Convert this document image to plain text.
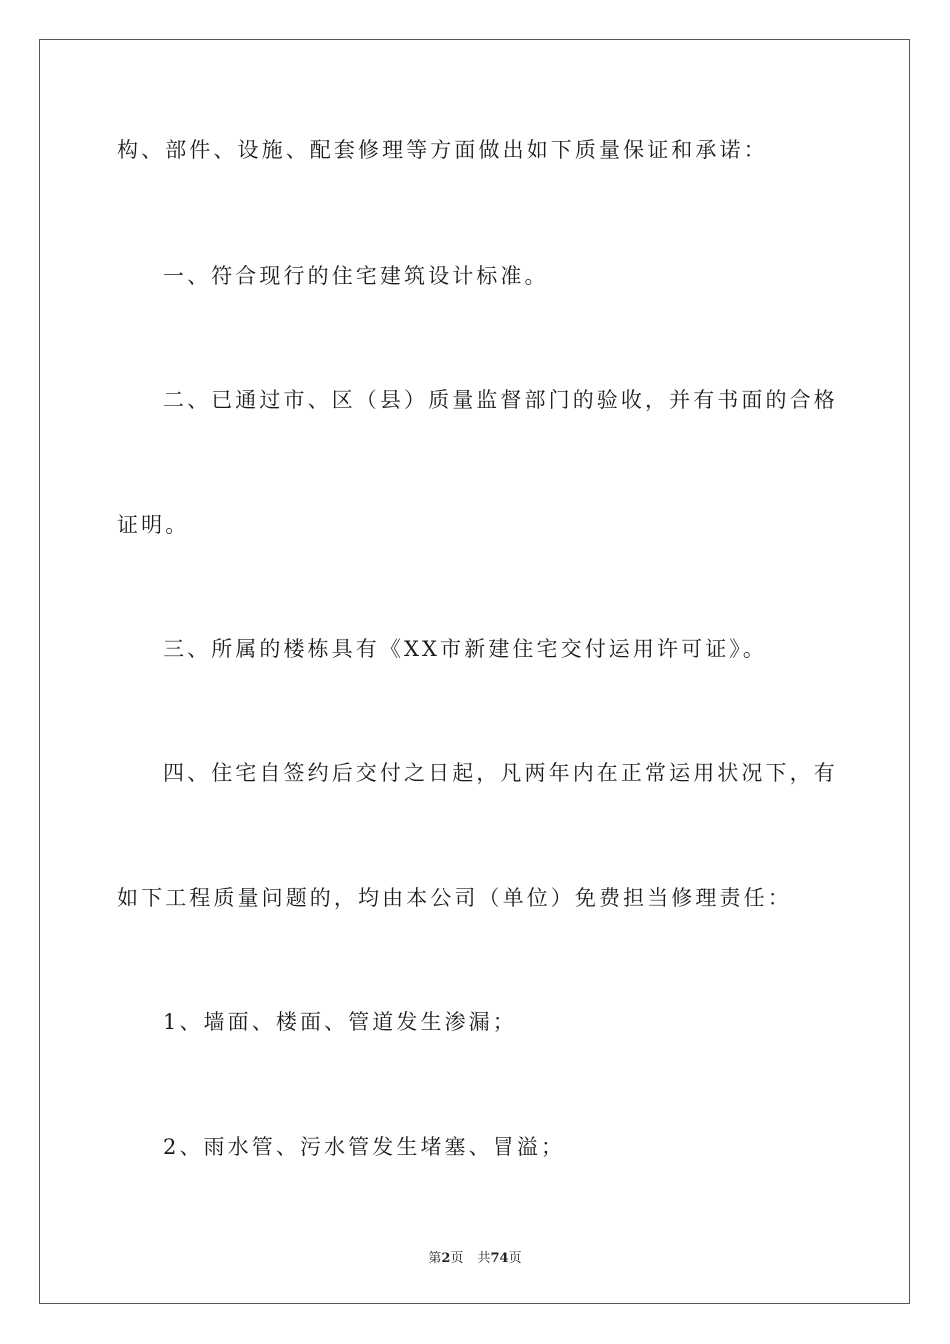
构、部件、设施、配套修理等方面做出如下质量保证和承诺：
一、符合现行的住宅建筑设计标准。
二、已通过市、区（县）质量监督部门的验收，并有书面的合格
证明。
三、所属的楼栋具有《XX市新建住宅交付运用许可证》。
四、住宅自签约后交付之日起，凡两年内在正常运用状况下，有
如下工程质量问题的，均由本公司（单位）免费担当修理责任：
1、墙面、楼面、管道发生渗漏；
2、雨水管、污水管发生堵塞、冒溢；
第2页 共74页
